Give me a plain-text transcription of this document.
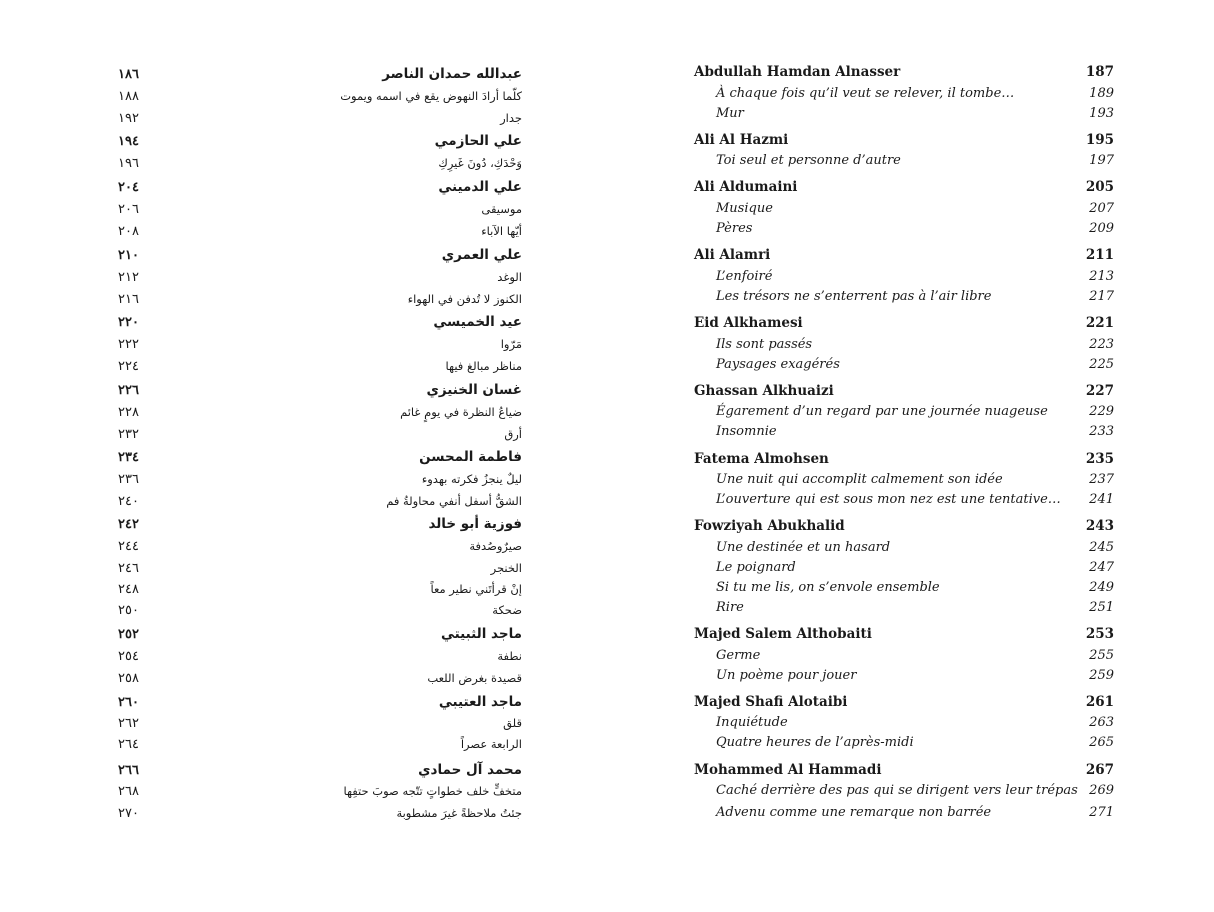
١٨٦	عبدالله حمدان الناصر
١٨٨	كلّما أرادَ النهوض يقع في اسمه ويموت
١٩٢	جدار
١٩٤	علي الحازمي
١٩٦	وَحْدَكِ، دُونَ غَيرِكِ
٢٠٤	علي الدميني
٢٠٦	موسيقى
٢٠٨	أيّها الآباء
٢١٠	علي العمري
٢١٢	الوغد
٢١٦	الكنوز لا تُدفن في الهواء
٢٢٠	عيد الخميسي
٢٢٢	مَرّوا
٢٢٤	مناظر مبالغ فيها
٢٢٦	غسان الخنيزي
٢٢٨	ضياعُ النظرة في يومٍ غائم
٢٣٢	أرق
٢٣٤	فاطمة المحسن
٢٣٦	ليلٌ ينجزُ فكرته بهدوء
٢٤٠	الشقُّ أسفل أنفي محاولةُ فم
٢٤٢	فوزية أبو خالد
٢٤٤	صيرٌوصُدفة
٢٤٦	الخنجر
٢٤٨	إنْ قرأتَني نطير معاً
٢٥٠	ضحكة
٢٥٢	ماجد الثبيتي
٢٥٤	نطفة
٢٥٨	قصيدة بغرض اللعب
٢٦٠	ماجد العتيبي
٢٦٢	قلق
٢٦٤	الرابعة عصراً
٢٦٦	محمد آل حمادي
٢٦٨	متخفٍّ خلف خطواتٍ تتّجه صوبَ حتفِها
٢٧٠	جئتُ ملاحظةً غيرَ مشطوبة
Abdullah Hamdan Alnasser	187
À chaque fois qu’il veut se relever, il tombe…	189
Mur	193
Ali Al Hazmi	195
Toi seul et personne d’autre	197
Ali Aldumaini	205
Musique	207
Pères	209
Ali Alamri	211
L’enfoiré	213
Les trésors ne s’enterrent pas à l’air libre	217
Eid Alkhamesi	221
Ils sont passés	223
Paysages exagérés	225
Ghassan Alkhuaizi	227
Égarement d’un regard par une journée nuageuse	229
Insomnie	233
Fatema Almohsen	235
Une nuit qui accomplit calmement son idée	237
L’ouverture qui est sous mon nez est une tentative… 241
Fowziyah Abukhalid	243
Une destinée et un hasard	245
Le poignard	247
Si tu me lis, on s’envole ensemble	249
Rire	251
Majed Salem Althobaiti	253
Germe	255
Un poème pour jouer	259
Majed Shafi Alotaibi	261
Inquiétude	263
Quatre heures de l’après-midi	265
Mohammed Al Hammadi	267
Caché derrière des pas qui se dirigent vers leur trépas 269
Advenu comme une remarque non barrée	271
